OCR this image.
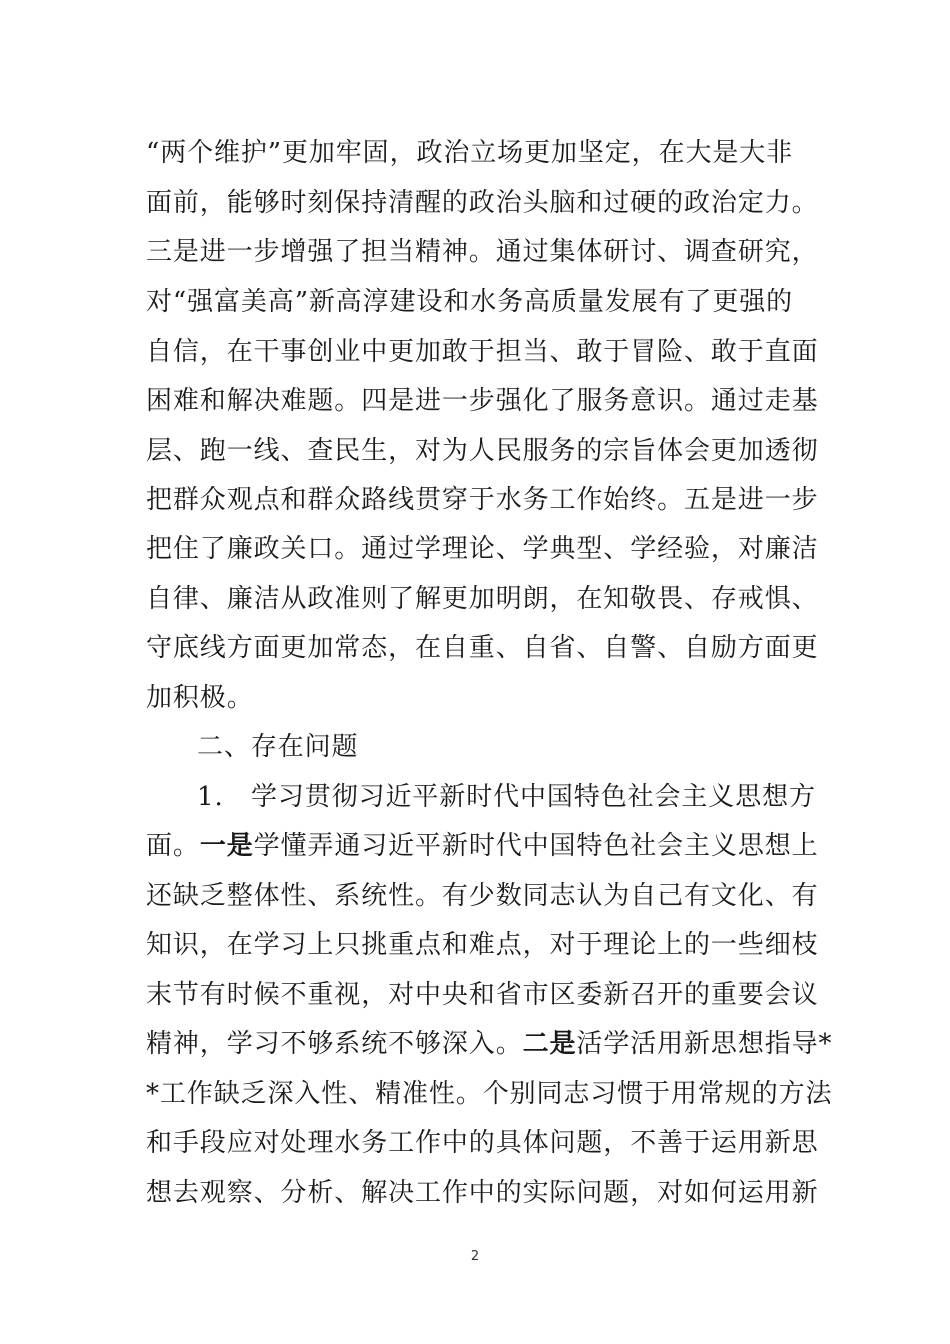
“两个维护”更加牢固，政治立场更加坚定，在大是大非
面前，能够时刻保持清醒的政治头脑和过硬的政治定力。
三是进一步增强了担当精神。通过集体研讨、调查研究，
对“强富美高”新高淳建设和水务高质量发展有了更强的
自信，在干事创业中更加敢于担当、敢于冒险、敢于直面
困难和解决难题。四是进一步强化了服务意识。通过走基
层、跑一线、查民生，对为人民服务的宗旨体会更加透彻
把群众观点和群众路线贯穿于水务工作始终。五是进一步
把住了廉政关口。通过学理论、学典型、学经验，对廉洁
自律、廉洁从政准则了解更加明朗，在知敬畏、存戒惧、
守底线方面更加常态，在自重、自省、自警、自励方面更
加积极。
二、存在问题
1. 学习贯彻习近平新时代中国特色社会主义思想方
面。一是学懂弄通习近平新时代中国特色社会主义思想上
还缺乏整体性、系统性。有少数同志认为自己有文化、有
知识，在学习上只挑重点和难点，对于理论上的一些细枝
末节有时候不重视，对中央和省市区委新召开的重要会议
精神，学习不够系统不够深入。二是活学活用新思想指导*
*工作缺乏深入性、精准性。个别同志习惯于用常规的方法
和手段应对处理水务工作中的具体问题，不善于运用新思
想去观察、分析、解决工作中的实际问题，对如何运用新
2
